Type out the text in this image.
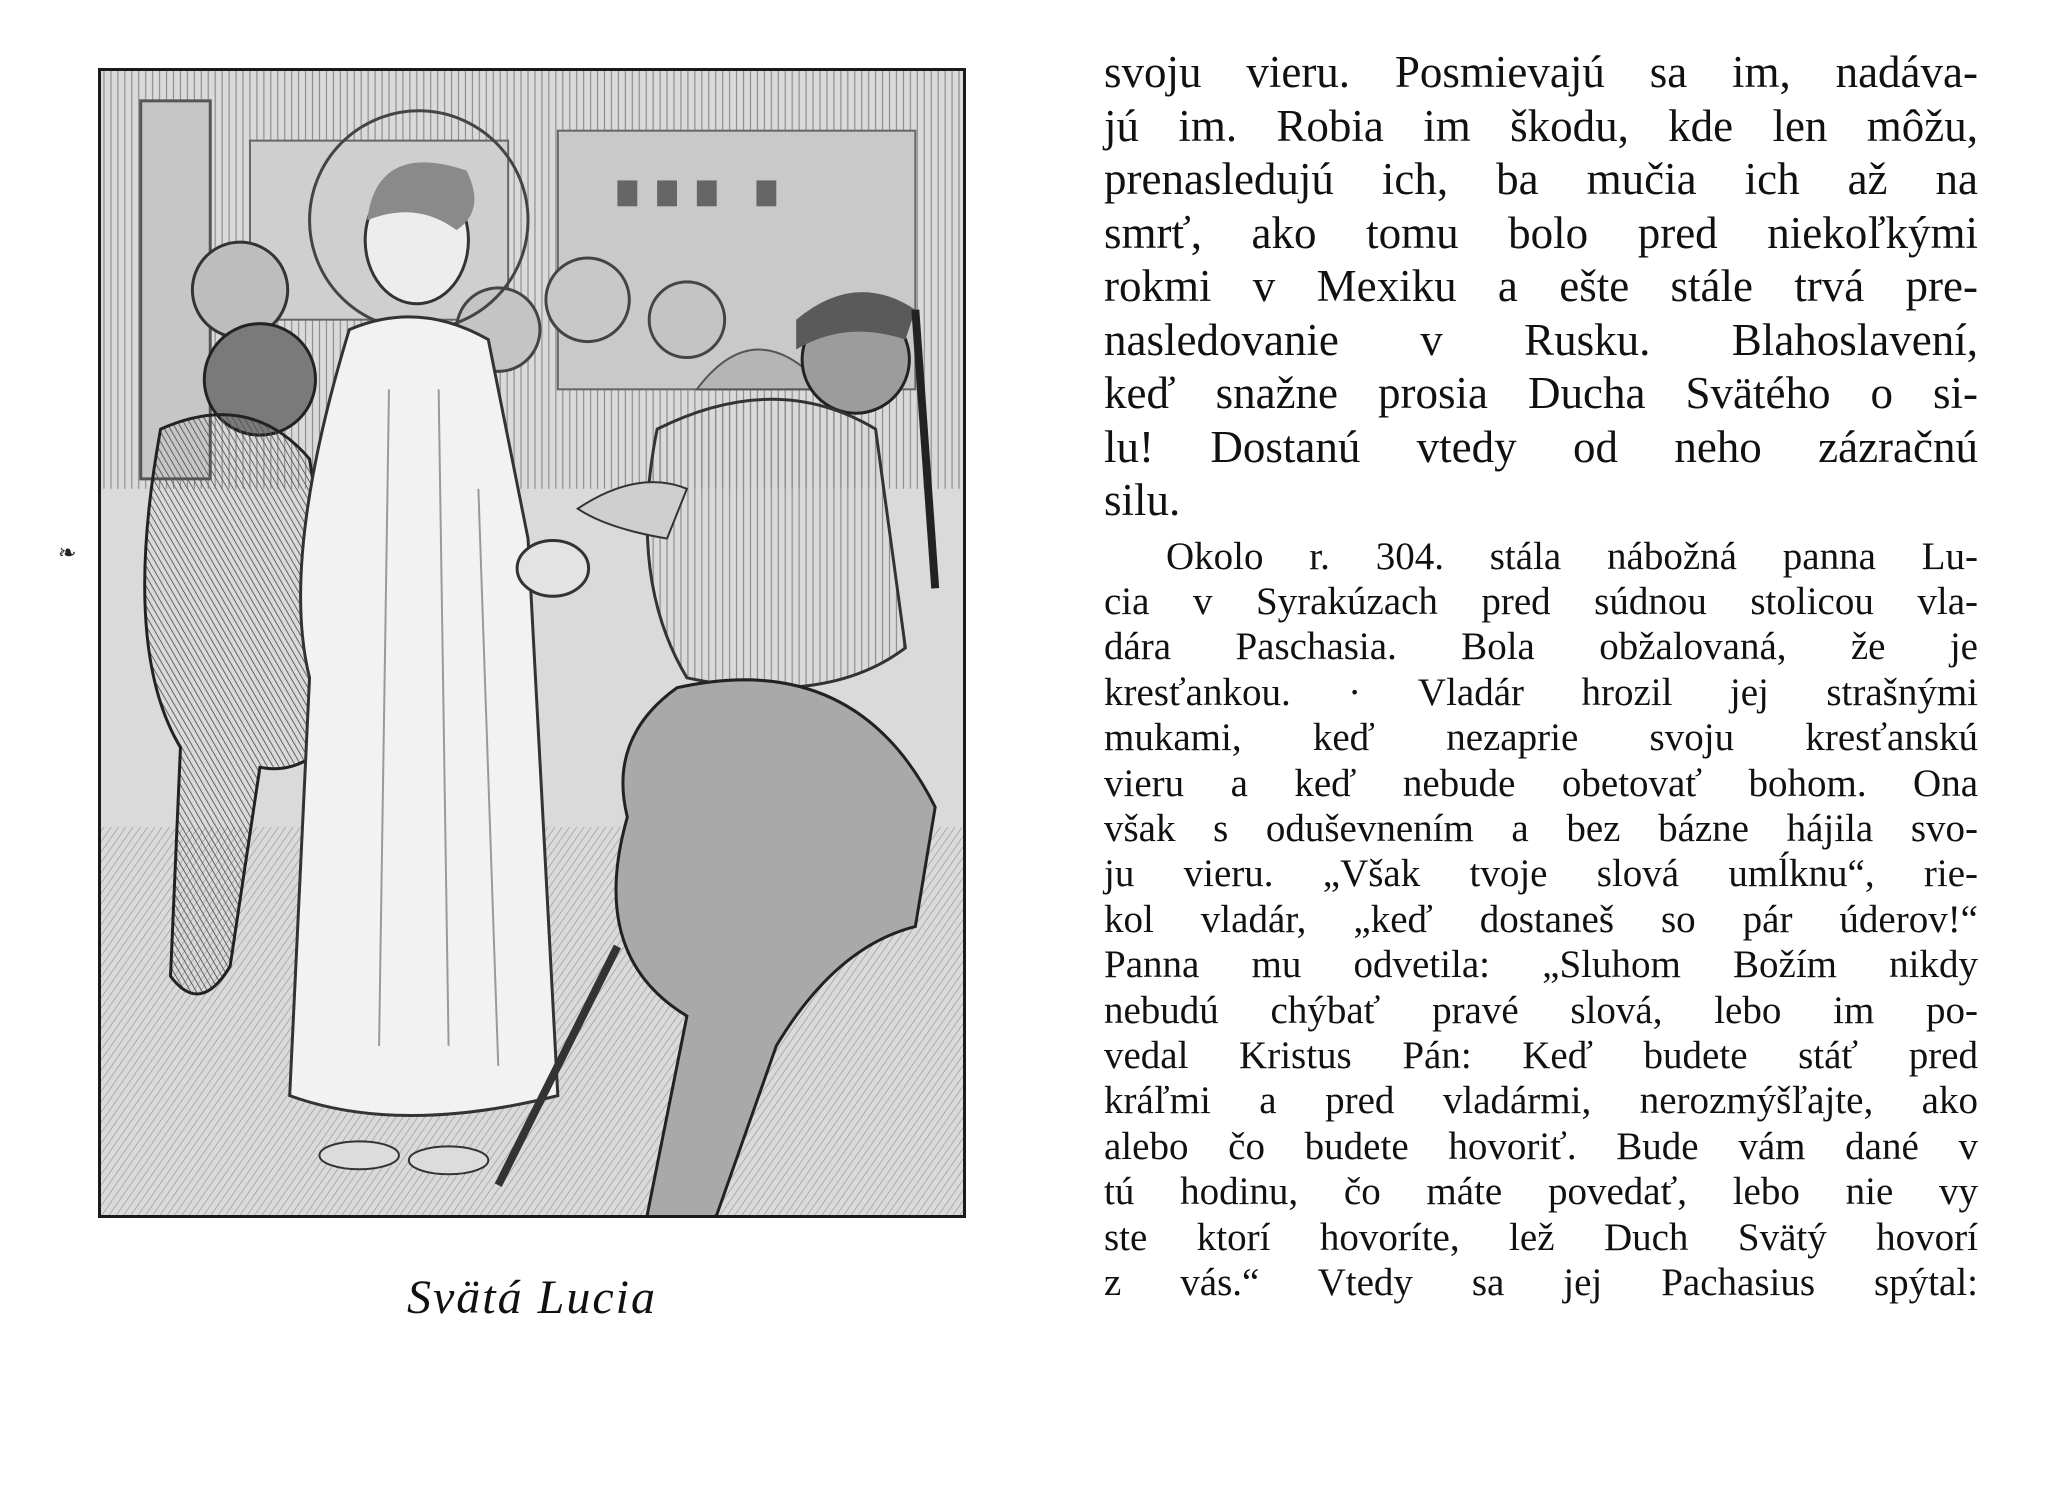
❧
Svätá Lucia
svoju vieru. Posmievajú sa im, nadáva-
jú im. Robia im škodu, kde len môžu,
prenasledujú ich, ba mučia ich až na
smrť, ako tomu bolo pred niekoľkými
rokmi v Mexiku a ešte stále trvá pre-
nasledovanie v Rusku. Blahoslavení,
keď snažne prosia Ducha Svätého o si-
lu! Dostanú vtedy od neho zázračnú
silu.
Okolo r. 304. stála nábožná panna Lu-
cia v Syrakúzach pred súdnou stolicou vla-
dára Paschasia. Bola obžalovaná, že je
kresťankou. · Vladár hrozil jej strašnými
mukami, keď nezaprie svoju kresťanskú
vieru a keď nebude obetovať bohom. Ona
však s oduševnením a bez bázne hájila svo-
ju vieru. „Však tvoje slová umĺknu“, rie-
kol vladár, „keď dostaneš so pár úderov!“
Panna mu odvetila: „Sluhom Božím nikdy
nebudú chýbať pravé slová, lebo im po-
vedal Kristus Pán: Keď budete stáť pred
kráľmi a pred vladármi, nerozmýšľajte, ako
alebo čo budete hovoriť. Bude vám dané v
tú hodinu, čo máte povedať, lebo nie vy
ste ktorí hovoríte, lež Duch Svätý hovorí
z vás.“ Vtedy sa jej Pachasius spýtal:
